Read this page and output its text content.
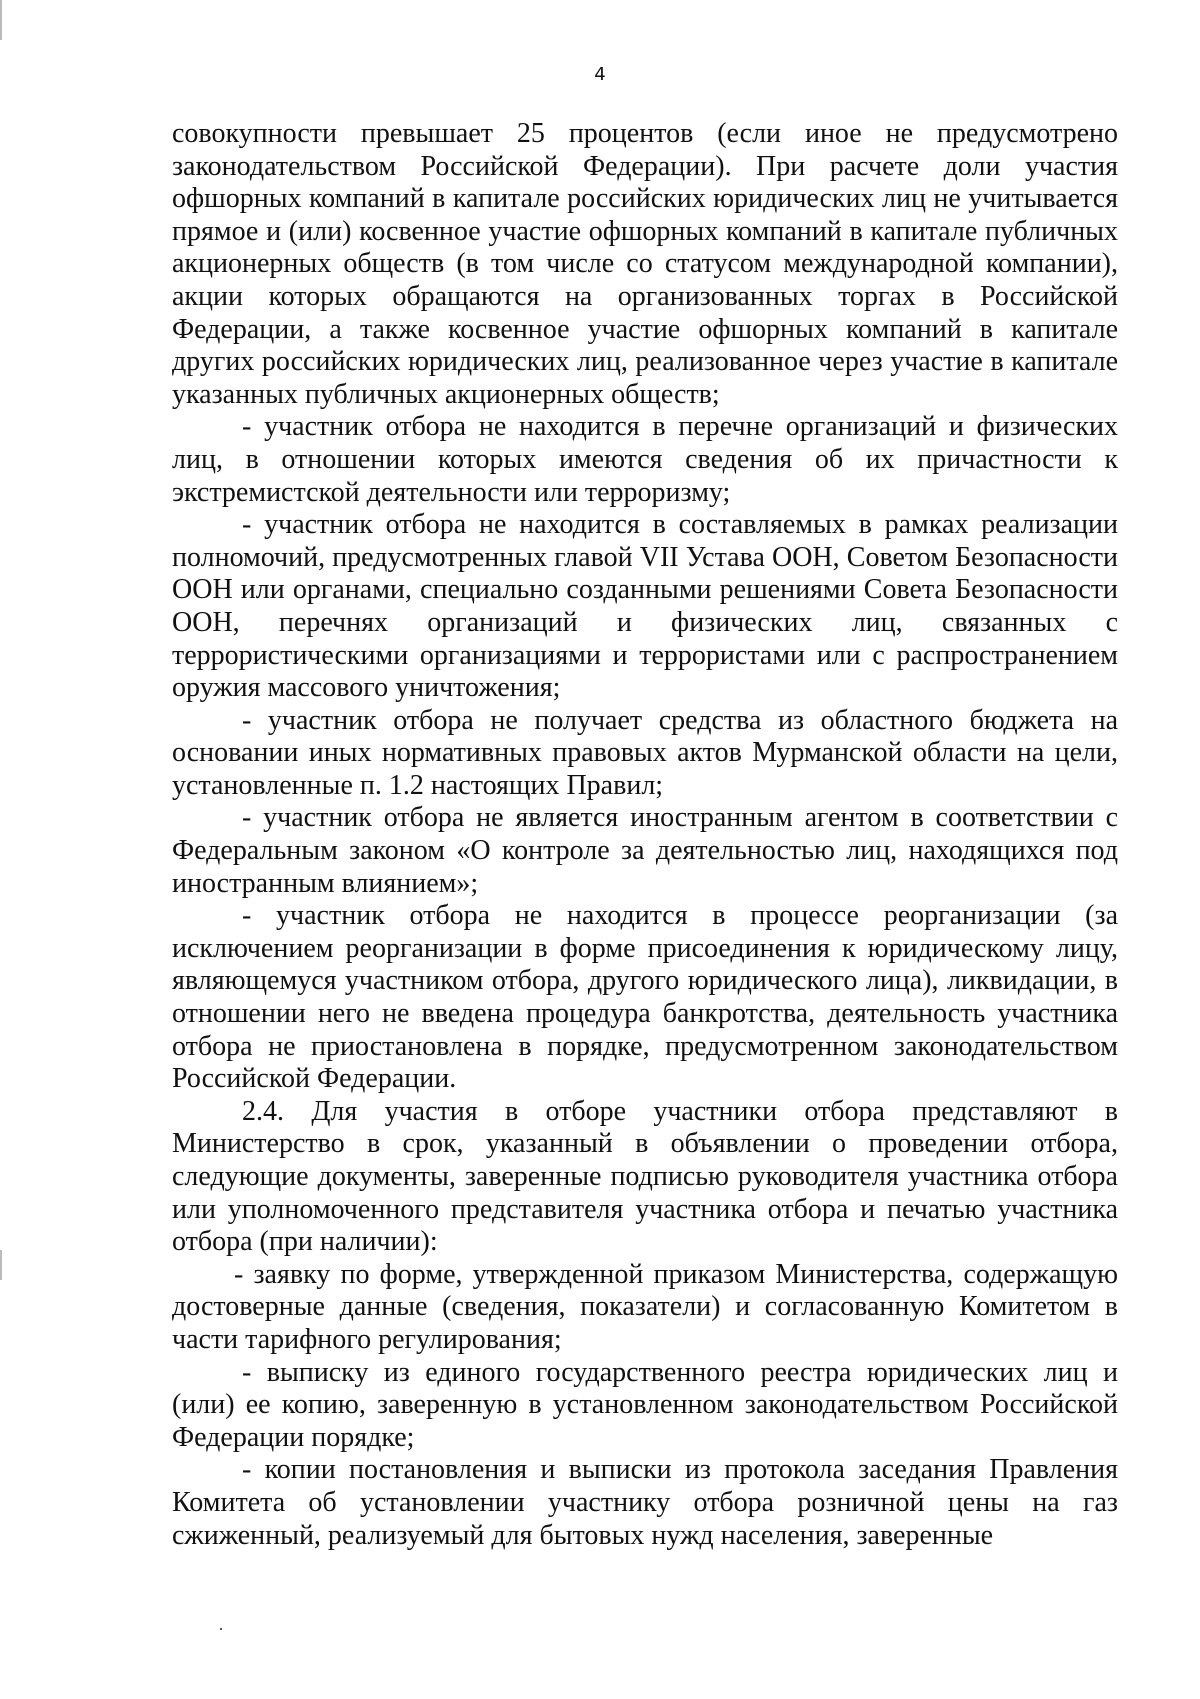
4

совокупности превышает 25 процентов (если иное не предусмотрено законодательством Российской Федерации). При расчете доли участия офшорных компаний в капитале российских юридических лиц не учитывается прямое и (или) косвенное участие офшорных компаний в капитале публичных акционерных обществ (в том числе со статусом международной компании), акции которых обращаются на организованных торгах в Российской Федерации, а также косвенное участие офшорных компаний в капитале других российских юридических лиц, реализованное через участие в капитале указанных публичных акционерных обществ;

- участник отбора не находится в перечне организаций и физических лиц, в отношении которых имеются сведения об их причастности к экстремистской деятельности или терроризму;

- участник отбора не находится в составляемых в рамках реализации полномочий, предусмотренных главой VII Устава ООН, Советом Безопасности ООН или органами, специально созданными решениями Совета Безопасности ООН, перечнях организаций и физических лиц, связанных с террористическими организациями и террористами или с распространением оружия массового уничтожения;

- участник отбора не получает средства из областного бюджета на основании иных нормативных правовых актов Мурманской области на цели, установленные п. 1.2 настоящих Правил;

- участник отбора не является иностранным агентом в соответствии с Федеральным законом «О контроле за деятельностью лиц, находящихся под иностранным влиянием»;

- участник отбора не находится в процессе реорганизации (за исключением реорганизации в форме присоединения к юридическому лицу, являющемуся участником отбора, другого юридического лица), ликвидации, в отношении него не введена процедура банкротства, деятельность участника отбора не приостановлена в порядке, предусмотренном законодательством Российской Федерации.

2.4. Для участия в отборе участники отбора представляют в Министерство в срок, указанный в объявлении о проведении отбора, следующие документы, заверенные подписью руководителя участника отбора или уполномоченного представителя участника отбора и печатью участника отбора (при наличии):

- заявку по форме, утвержденной приказом Министерства, содержащую достоверные данные (сведения, показатели) и согласованную Комитетом в части тарифного регулирования;

- выписку из единого государственного реестра юридических лиц и (или) ее копию, заверенную в установленном законодательством Российской Федерации порядке;

- копии постановления и выписки из протокола заседания Правления Комитета об установлении участнику отбора розничной цены на газ сжиженный, реализуемый для бытовых нужд населения, заверенные
